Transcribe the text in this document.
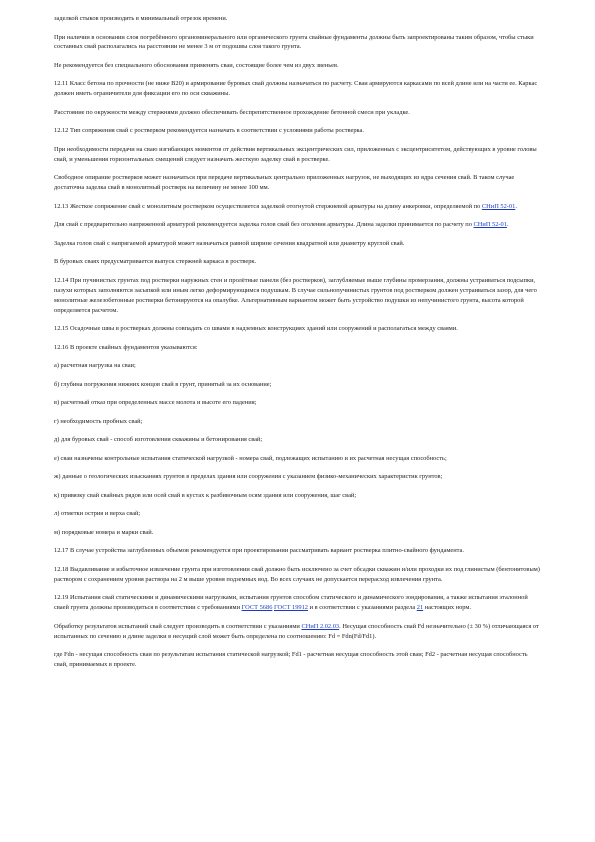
заделкой стыков производить в минимальный отрезок времени.

При наличии в основании слоя погребённого органоминерального или органического грунта свайные фундаменты должны быть запроектированы таким образом, чтобы стыки составных свай располагались на расстоянии не менее 3 м от подошвы слоя такого грунта.

Не рекомендуется без специального обоснования применять сваи, состоящие более чем из двух звеньев.

12.11 Класс бетона по прочности (не ниже В20) и армирование буровых свай должны назначаться по расчету. Сваи армируются каркасами по всей длине или на части ее. Каркас должен иметь ограничители для фиксации его по оси скважины.

Расстояние по окружности между стержнями должно обеспечивать беспрепятственное прохождение бетонной смеси при укладке.

12.12 Тип сопряжения свай с ростверком рекомендуется назначать в соответствии с условиями работы ростверка.

При необходимости передачи на сваю изгибающих моментов от действия вертикальных эксцентрических сил, приложенных с эксцентриситетом, действующих в уровне головы свай, и уменьшения горизонтальных смещений следует назначать жесткую заделку свай в ростверке.

Свободное опирание ростверков может назначаться при передаче вертикальных центрально приложенных нагрузок, не выходящих из ядра сечения свай. В таком случае достаточна заделка свай в монолитный ростверк на величину не менее 100 мм.

12.13 Жесткое сопряжение свай с монолитным ростверком осуществляется заделкой отогнутой стержневой арматуры на длину анкеровки, определяемой по СНиП 52-01.

Для свай с предварительно напряженной арматурой рекомендуется заделка голов свай без оголения арматуры. Длина заделки принимается по расчету по СНиП 52-01.

Заделка голов свай с напрягаемой арматурой может назначаться равной ширине сечения квадратной или диаметру круглой свай.

В буровых сваях предусматривается выпуск стержней каркаса в ростверк.

12.14 При пучинистых грунтах под ростверки наружных стен и пролётные панели (без ростверков), заглубляемые выше глубины промерзания, должны устраиваться подсыпки, пазухи которых заполняются засыпкой или иным легко деформирующимся подушкам. В случае сильнопучинистых грунтов под ростверком должен устраиваться зазор, для чего монолитные железобетонные ростверки бетонируются на опалубке. Альтернативным вариантом может быть устройство подушки из непучинистого грунта, высота которой определяется расчетом.

12.15 Осадочные швы в ростверках должны совпадать со швами в надземных конструкциях зданий или сооружений и располагаться между сваями.

12.16 В проекте свайных фундаментов указываются:

а) расчетная нагрузка на сваи;

б) глубина погружения нижних концов свай в грунт, принятый за их основание;

в) расчетный отказ при определенных массе молота и высоте его падения;

г) необходимость пробных свай;

д) для буровых свай - способ изготовления скважины и бетонирования свай;

е) сваи назначены контрольные испытания статической нагрузкой - номера свай, подлежащих испытанию и их расчетная несущая способность;

ж) данные о геологических изысканиях грунтов в пределах здания или сооружения с указанием физико-механических характеристик грунтов;

к) привязку свай свайных рядов или осей свай в кустах к разбивочным осям здания или сооружения, шаг свай;

л) отметки острия и верха свай;

м) порядковые номера и марки свай.

12.17 В случае устройства заглубленных объемов рекомендуется при проектировании рассматривать вариант ростверка плитно-свайного фундамента.

12.18 Выдавливание и избыточное извлечение грунта при изготовлении свай должно быть исключено за счет обсадки скважин и/или проходки их под глинистым (бентонитовым) раствором с сохранением уровня раствора на 2 м выше уровня подземных вод. Во всех случаях не допускается перерасход извлечения грунта.

12.19 Испытания свай статическими и динамическими нагрузками, испытания грунтов способом статического и динамического зондирования, а также испытания эталонной сваей грунта должны производиться в соответствии с требованиями ГОСТ 5686 ГОСТ 19912 и в соответствии с указаниями раздела 21 настоящих норм.

Обработку результатов испытаний свай следует производить в соответствии с указаниями СНиП 2.02.03. Несущая способность свай Fd незначительно (± 30 %) отличающаяся от испытанных по сечению и длине заделки в несущий слой может быть определена по соотношению: Fd = Fdn(Fd/Fd1).

где Fdn - несущая способность сваи по результатам испытания статической нагрузкой; Fd1 - расчетная несущая способность этой сваи; Fd2 - расчетная несущая способность свай, принимаемых в проекте.
